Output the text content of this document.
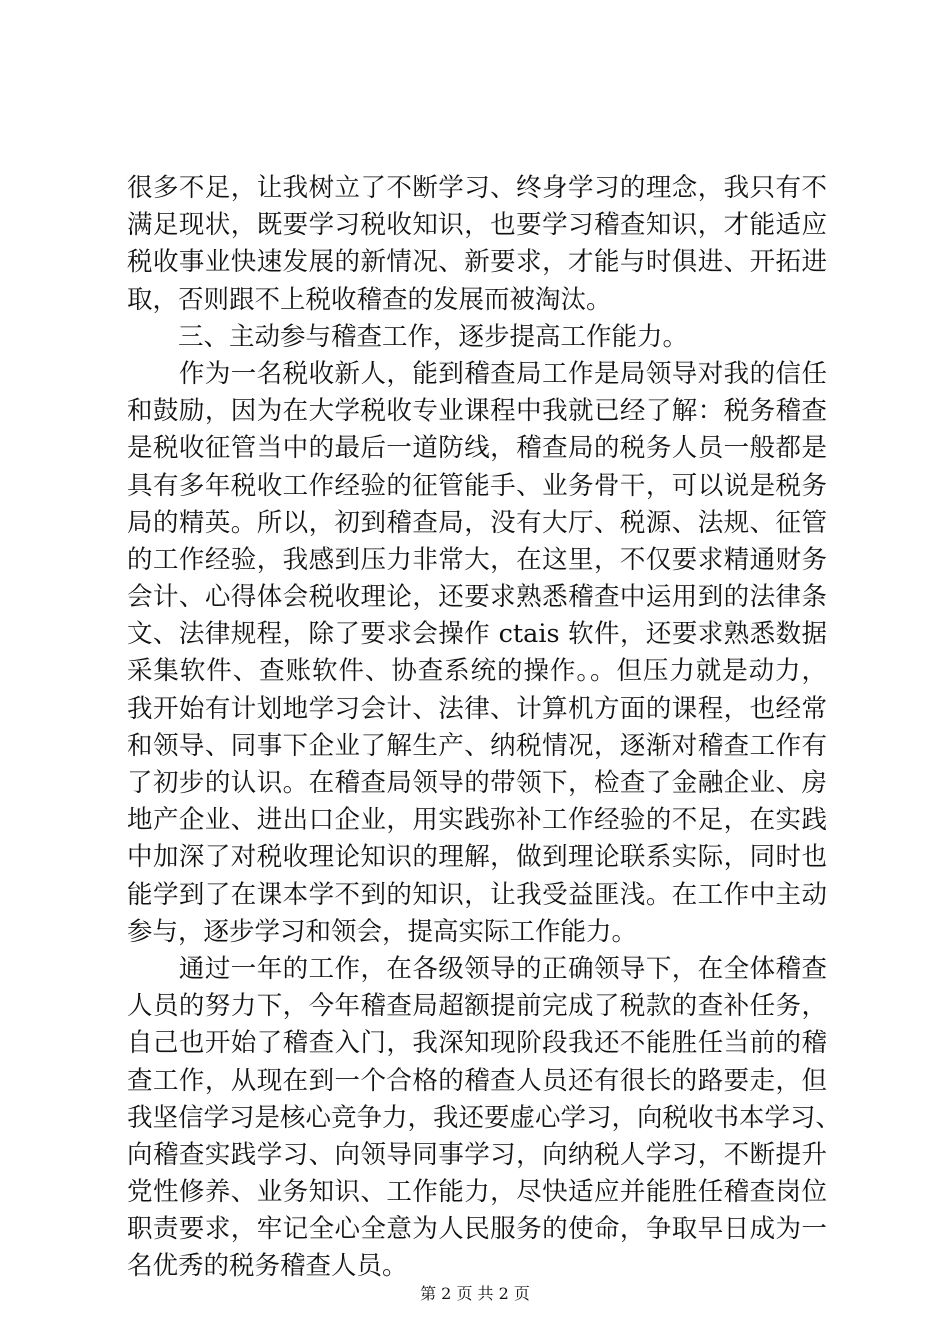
很多不足，让我树立了不断学习、终身学习的理念，我只有不
满足现状，既要学习税收知识，也要学习稽查知识，才能适应
税收事业快速发展的新情况、新要求，才能与时俱进、开拓进
取，否则跟不上税收稽查的发展而被淘汰。
　　三、主动参与稽查工作，逐步提高工作能力。
　　作为一名税收新人，能到稽查局工作是局领导对我的信任
和鼓励，因为在大学税收专业课程中我就已经了解：税务稽查
是税收征管当中的最后一道防线，稽查局的税务人员一般都是
具有多年税收工作经验的征管能手、业务骨干，可以说是税务
局的精英。所以，初到稽查局，没有大厅、税源、法规、征管
的工作经验，我感到压力非常大，在这里，不仅要求精通财务
会计、心得体会税收理论，还要求熟悉稽查中运用到的法律条
文、法律规程，除了要求会操作 ctais 软件，还要求熟悉数据
采集软件、查账软件、协查系统的操作。。但压力就是动力，
我开始有计划地学习会计、法律、计算机方面的课程，也经常
和领导、同事下企业了解生产、纳税情况，逐渐对稽查工作有
了初步的认识。在稽查局领导的带领下，检查了金融企业、房
地产企业、进出口企业，用实践弥补工作经验的不足，在实践
中加深了对税收理论知识的理解，做到理论联系实际，同时也
能学到了在课本学不到的知识，让我受益匪浅。在工作中主动
参与，逐步学习和领会，提高实际工作能力。
　　通过一年的工作，在各级领导的正确领导下，在全体稽查
人员的努力下，今年稽查局超额提前完成了税款的查补任务，
自己也开始了稽查入门，我深知现阶段我还不能胜任当前的稽
查工作，从现在到一个合格的稽查人员还有很长的路要走，但
我坚信学习是核心竞争力，我还要虚心学习，向税收书本学习、
向稽查实践学习、向领导同事学习，向纳税人学习，不断提升
党性修养、业务知识、工作能力，尽快适应并能胜任稽查岗位
职责要求，牢记全心全意为人民服务的使命，争取早日成为一
名优秀的税务稽查人员。
第 2 页 共 2 页
